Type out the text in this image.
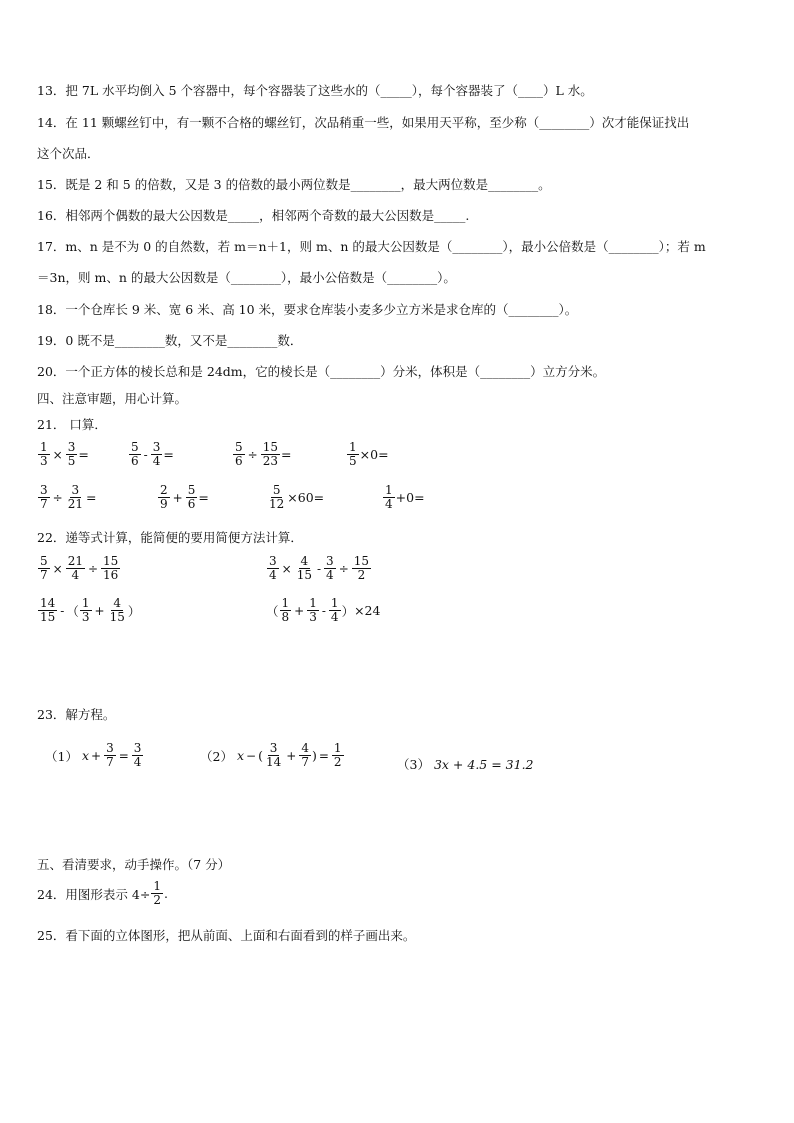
13．把 7L 水平均倒入 5 个容器中，每个容器装了这些水的（_____），每个容器装了（____）L 水。
14．在 11 颗螺丝钉中，有一颗不合格的螺丝钉，次品稍重一些，如果用天平称，至少称（________）次才能保证找出
这个次品．
15．既是 2 和 5 的倍数，又是 3 的倍数的最小两位数是________，最大两位数是________。
16．相邻两个偶数的最大公因数是_____，相邻两个奇数的最大公因数是_____.
17．m、n 是不为 0 的自然数，若 m＝n＋1，则 m、n 的最大公因数是（________），最小公倍数是（________）；若 m
＝3n，则 m、n 的最大公因数是（________），最小公倍数是（________）。
18．一个仓库长 9 米、宽 6 米、高 10 米，要求仓库装小麦多少立方米是求仓库的（________）。
19．0 既不是________数，又不是________数．
20．一个正方体的棱长总和是 24dm，它的棱长是（________）分米，体积是（________）立方分米。
四、注意审题，用心计算。
21． 口算．
$\frac{1}{3} \times \frac{3}{5}$ =	$\frac{5}{6} - \frac{3}{4}$ =	$\frac{5}{6} \div \frac{15}{23}$ =	$\frac{1}{5} \times 0=$
$\frac{3}{7} \div \frac{3}{21}$ =	$\frac{2}{9} + \frac{5}{6}$ =	$\frac{5}{12} \times 60=$	$\frac{1}{4} +0=$
22．递等式计算，能简便的要用简便方法计算．
$\frac{5}{7} \times \frac{21}{4} \div \frac{15}{16}$	$\frac{3}{4} \times \frac{4}{15} - \frac{3}{4} \div \frac{15}{2}$
$\frac{14}{15}$ - （ $\frac{1}{3} + \frac{4}{15}$ ）	（ $\frac{1}{8} + \frac{1}{3} - \frac{1}{4}$ ） ×24
23．解方程。
（1） $x + \frac{3}{7} = \frac{3}{4}$	（2） x − ( $\frac{3}{14} + \frac{4}{7}$ ) = $\frac{1}{2}$	（3） 3x + 4.5 = 31.2
五、看清要求，动手操作。（7 分）
24．用图形表示 $4\div \frac{1}{2}$ .
25．看下面的立体图形，把从前面、上面和右面看到的样子画出来。
